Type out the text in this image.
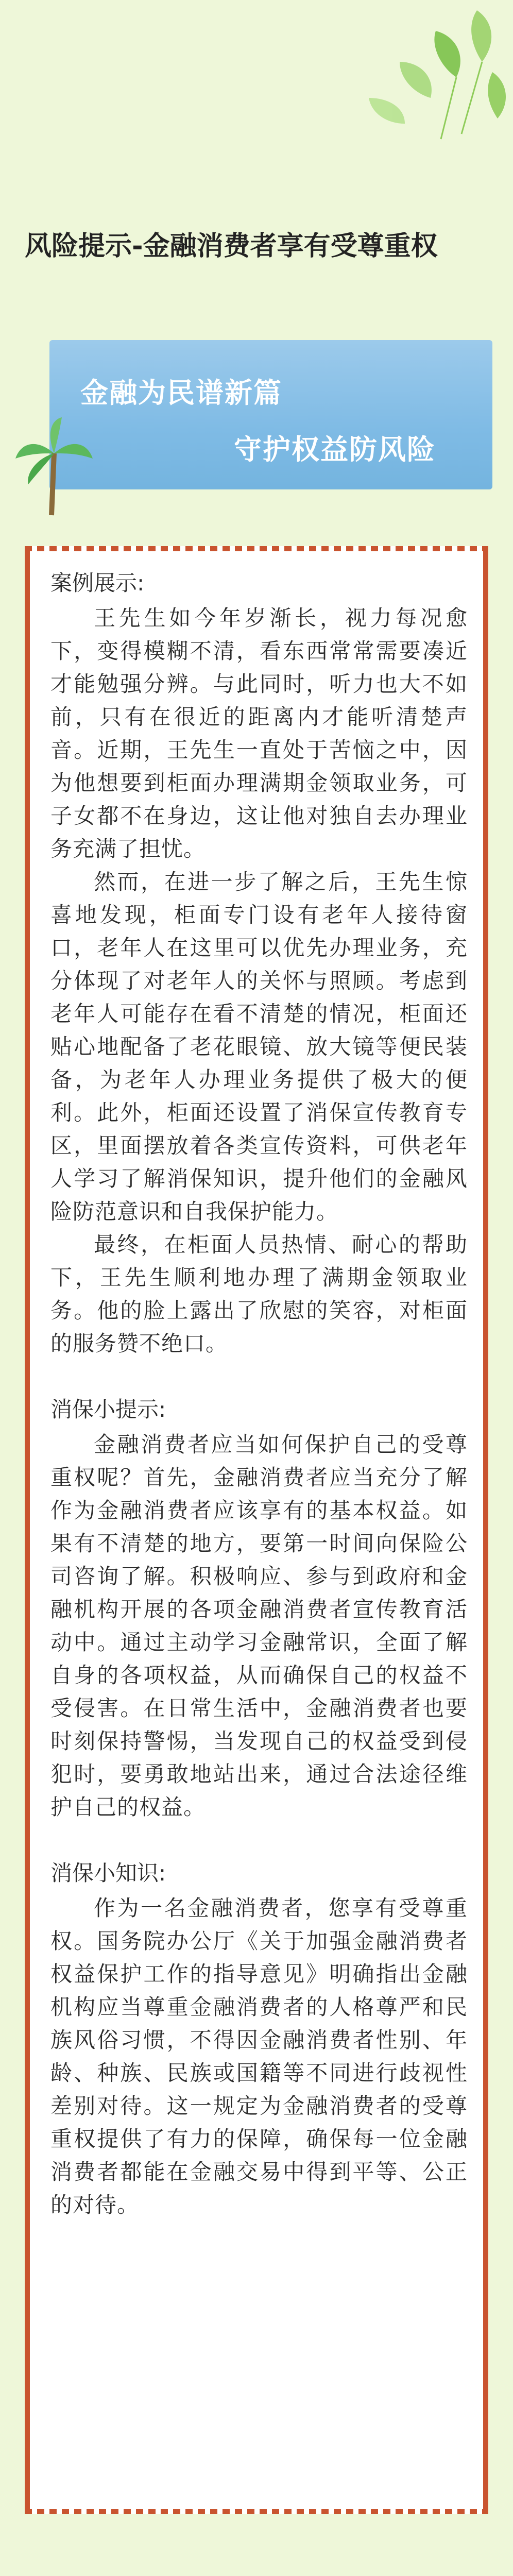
风险提示-金融消费者享有受尊重权
金融为民谱新篇
守护权益防风险
案例展示:

王先生如今年岁渐长，视力每况愈下，变得模糊不清，看东西常常需要凑近才能勉强分辨。与此同时，听力也大不如前，只有在很近的距离内才能听清楚声音。近期，王先生一直处于苦恼之中，因为他想要到柜面办理满期金领取业务，可子女都不在身边，这让他对独自去办理业务充满了担忧。

然而，在进一步了解之后，王先生惊喜地发现，柜面专门设有老年人接待窗口，老年人在这里可以优先办理业务，充分体现了对老年人的关怀与照顾。考虑到老年人可能存在看不清楚的情况，柜面还贴心地配备了老花眼镜、放大镜等便民装备，为老年人办理业务提供了极大的便利。此外，柜面还设置了消保宣传教育专区，里面摆放着各类宣传资料，可供老年人学习了解消保知识，提升他们的金融风险防范意识和自我保护能力。

最终，在柜面人员热情、耐心的帮助下，王先生顺利地办理了满期金领取业务。他的脸上露出了欣慰的笑容，对柜面的服务赞不绝口。

消保小提示:

金融消费者应当如何保护自己的受尊重权呢？首先，金融消费者应当充分了解作为金融消费者应该享有的基本权益。如果有不清楚的地方，要第一时间向保险公司咨询了解。积极响应、参与到政府和金融机构开展的各项金融消费者宣传教育活动中。通过主动学习金融常识，全面了解自身的各项权益，从而确保自己的权益不受侵害。在日常生活中，金融消费者也要时刻保持警惕，当发现自己的权益受到侵犯时，要勇敢地站出来，通过合法途径维护自己的权益。

消保小知识:

作为一名金融消费者，您享有受尊重权。国务院办公厅《关于加强金融消费者权益保护工作的指导意见》明确指出金融机构应当尊重金融消费者的人格尊严和民族风俗习惯，不得因金融消费者性别、年龄、种族、民族或国籍等不同进行歧视性差别对待。这一规定为金融消费者的受尊重权提供了有力的保障，确保每一位金融消费者都能在金融交易中得到平等、公正的对待。
